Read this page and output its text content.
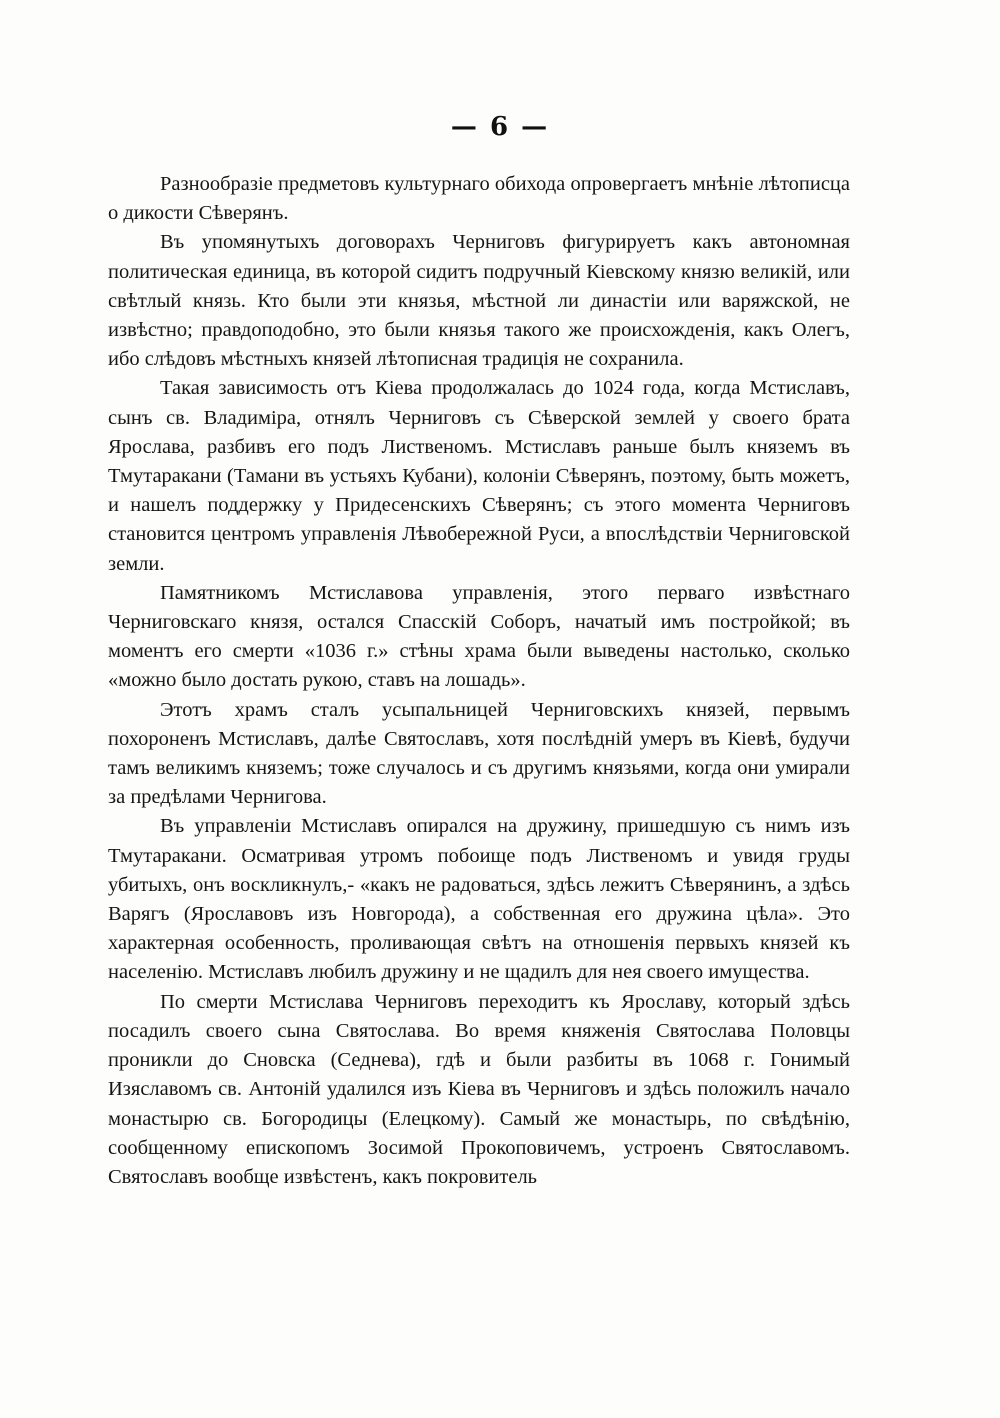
— 6 —

Разнообразіе предметовъ культурнаго обихода опровергаетъ мнѣніе лѣтописца о дикости Сѣверянъ.

Въ упомянутыхъ договорахъ Черниговъ фигурируетъ какъ автономная политическая единица, въ которой сидитъ подручный Кіевскому князю великій, или свѣтлый князь. Кто были эти князья, мѣстной ли династіи или варяжской, не извѣстно; правдоподобно, это были князья такого же происхожденія, какъ Олегъ, ибо слѣдовъ мѣстныхъ князей лѣтописная традиція не сохранила.

Такая зависимость отъ Кіева продолжалась до 1024 года, когда Мстиславъ, сынъ св. Владиміра, отнялъ Черниговъ съ Сѣверской землей у своего брата Ярослава, разбивъ его подъ Лиственомъ. Мстиславъ раньше былъ княземъ въ Тмутаракани (Тамани въ устьяхъ Кубани), колоніи Сѣверянъ, поэтому, быть можетъ, и нашелъ поддержку у Придесенскихъ Сѣверянъ; съ этого момента Черниговъ становится центромъ управленія Лѣвобережной Руси, а впослѣдствіи Черниговской земли.

Памятникомъ Мстиславова управленія, этого перваго извѣстнаго Черниговскаго князя, остался Спасскій Соборъ, начатый имъ постройкой; въ моментъ его смерти «1036 г.» стѣны храма были выведены настолько, сколько «можно было достать рукою, ставъ на лошадь».

Этотъ храмъ сталъ усыпальницей Черниговскихъ князей, первымъ похороненъ Мстиславъ, далѣе Святославъ, хотя послѣдній умеръ въ Кіевѣ, будучи тамъ великимъ княземъ; тоже случалось и съ другимъ князьями, когда они умирали за предѣлами Чернигова.

Въ управленіи Мстиславъ опирался на дружину, пришедшую съ нимъ изъ Тмутаракани. Осматривая утромъ побоище подъ Лиственомъ и увидя груды убитыхъ, онъ воскликнулъ,- «какъ не радоваться, здѣсь лежитъ Сѣверянинъ, а здѣсь Варягъ (Ярославовъ изъ Новгорода), а собственная его дружина цѣла». Это характерная особенность, проливающая свѣтъ на отношенія первыхъ князей къ населенію. Мстиславъ любилъ дружину и не щадилъ для нея своего имущества.

По смерти Мстислава Черниговъ переходитъ къ Ярославу, который здѣсь посадилъ своего сына Святослава. Во время княженія Святослава Половцы проникли до Сновска (Седнева), гдѣ и были разбиты въ 1068 г. Гонимый Изяславомъ св. Антоній удалился изъ Кіева въ Черниговъ и здѣсь положилъ начало монастырю св. Богородицы (Елецкому). Самый же монастырь, по свѣдѣнію, сообщенному епископомъ Зосимой Прокоповичемъ, устроенъ Святославомъ. Святославъ вообще извѣстенъ, какъ покровитель
